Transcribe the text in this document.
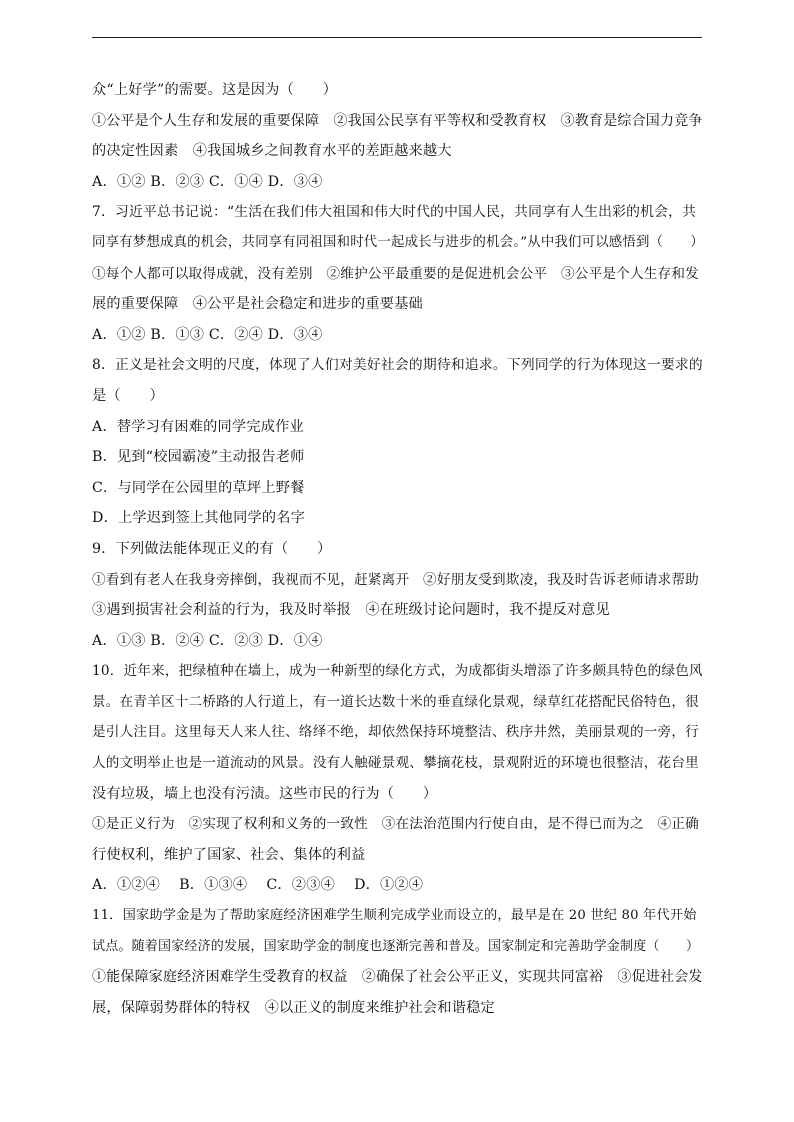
众“上好学”的需要。这是因为（　　）
①公平是个人生存和发展的重要保障　②我国公民享有平等权和受教育权　③教育是综合国力竞争
的决定性因素　④我国城乡之间教育水平的差距越来越大
A．①② B．②③ C．①④ D．③④
7．习近平总书记说：“生活在我们伟大祖国和伟大时代的中国人民，共同享有人生出彩的机会，共
同享有梦想成真的机会，共同享有同祖国和时代一起成长与进步的机会。”从中我们可以感悟到（　　）
①每个人都可以取得成就，没有差别　②维护公平最重要的是促进机会公平　③公平是个人生存和发
展的重要保障　④公平是社会稳定和进步的重要基础
A．①② B．①③ C．②④ D．③④
8．正义是社会文明的尺度，体现了人们对美好社会的期待和追求。下列同学的行为体现这一要求的
是（　　）
A．替学习有困难的同学完成作业
B．见到“校园霸凌”主动报告老师
C．与同学在公园里的草坪上野餐
D．上学迟到签上其他同学的名字
9．下列做法能体现正义的有（　　）
①看到有老人在我身旁摔倒，我视而不见，赶紧离开　②好朋友受到欺凌，我及时告诉老师请求帮助
③遇到损害社会利益的行为，我及时举报　④在班级讨论问题时，我不提反对意见
A．①③ B．②④ C．②③ D．①④
10．近年来，把绿植种在墙上，成为一种新型的绿化方式，为成都街头增添了许多颇具特色的绿色风
景。在青羊区十二桥路的人行道上，有一道长达数十米的垂直绿化景观，绿草红花搭配民俗特色，很
是引人注目。这里每天人来人往、络绎不绝，却依然保持环境整洁、秩序井然，美丽景观的一旁，行
人的文明举止也是一道流动的风景。没有人触碰景观、攀摘花枝，景观附近的环境也很整洁，花台里
没有垃圾，墙上也没有污渍。这些市民的行为（　　）
①是正义行为　②实现了权利和义务的一致性　③在法治范围内行使自由，是不得已而为之　④正确
行使权利，维护了国家、社会、集体的利益
A．①②④　 B．①③④　 C．②③④　 D．①②④
11．国家助学金是为了帮助家庭经济困难学生顺利完成学业而设立的，最早是在 20 世纪 80 年代开始
试点。随着国家经济的发展，国家助学金的制度也逐渐完善和普及。国家制定和完善助学金制度（　　）
①能保障家庭经济困难学生受教育的权益　②确保了社会公平正义，实现共同富裕　③促进社会发
展，保障弱势群体的特权　④以正义的制度来维护社会和谐稳定
